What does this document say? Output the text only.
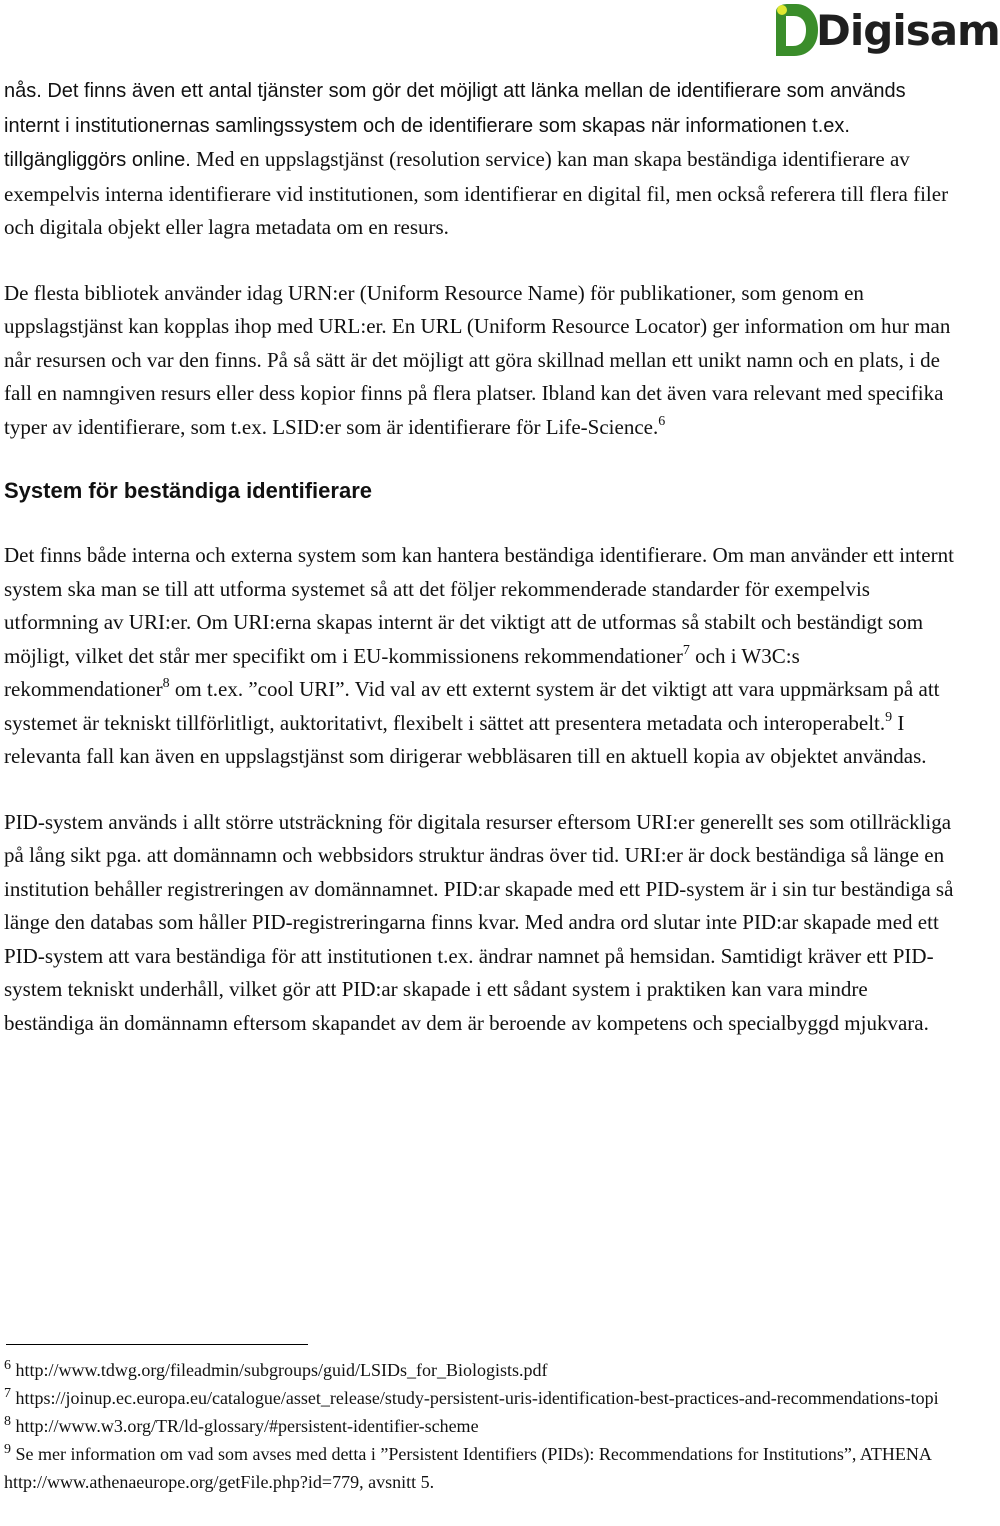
Digisam

nås. Det finns även ett antal tjänster som gör det möjligt att länka mellan de identifierare som används internt i institutionernas samlingssystem och de identifierare som skapas när informationen t.ex. tillgängliggörs online. Med en uppslagstjänst (resolution service) kan man skapa beständiga identifierare av exempelvis interna identifierare vid institutionen, som identifierar en digital fil, men också referera till flera filer och digitala objekt eller lagra metadata om en resurs.

De flesta bibliotek använder idag URN:er (Uniform Resource Name) för publikationer, som genom en uppslagstjänst kan kopplas ihop med URL:er. En URL (Uniform Resource Locator) ger information om hur man når resursen och var den finns. På så sätt är det möjligt att göra skillnad mellan ett unikt namn och en plats, i de fall en namngiven resurs eller dess kopior finns på flera platser. Ibland kan det även vara relevant med specifika typer av identifierare, som t.ex. LSID:er som är identifierare för Life-Science.$^6$

System för beständiga identifierare

Det finns både interna och externa system som kan hantera beständiga identifierare. Om man använder ett internt system ska man se till att utforma systemet så att det följer rekommenderade standarder för exempelvis utformning av URI:er. Om URI:erna skapas internt är det viktigt att de utformas så stabilt och beständigt som möjligt, vilket det står mer specifikt om i EU-kommissionens rekommendationer$^7$ och i W3C:s rekommendationer$^8$ om t.ex. ”cool URI”. Vid val av ett externt system är det viktigt att vara uppmärksam på att systemet är tekniskt tillförlitligt, auktoritativt, flexibelt i sättet att presentera metadata och interoperabelt.$^9$ I relevanta fall kan även en uppslagstjänst som dirigerar webbläsaren till en aktuell kopia av objektet användas.

PID-system används i allt större utsträckning för digitala resurser eftersom URI:er generellt ses som otillräckliga på lång sikt pga. att domännamn och webbsidors struktur ändras över tid. URI:er är dock beständiga så länge en institution behåller registreringen av domännamnet. PID:ar skapade med ett PID-system är i sin tur beständiga så länge den databas som håller PID-registreringarna finns kvar. Med andra ord slutar inte PID:ar skapade med ett PID-system att vara beständiga för att institutionen t.ex. ändrar namnet på hemsidan. Samtidigt kräver ett PID-system tekniskt underhåll, vilket gör att PID:ar skapade i ett sådant system i praktiken kan vara mindre beständiga än domännamn eftersom skapandet av dem är beroende av kompetens och specialbyggd mjukvara.

$^6$ http://www.tdwg.org/fileadmin/subgroups/guid/LSIDs_for_Biologists.pdf

$^7$ https://joinup.ec.europa.eu/catalogue/asset_release/study-persistent-uris-identification-best-practices-and-recommendations-topi

$^8$ http://www.w3.org/TR/ld-glossary/#persistent-identifier-scheme

$^9$ Se mer information om vad som avses med detta i ”Persistent Identifiers (PIDs): Recommendations for Institutions”, ATHENA http://www.athenaeurope.org/getFile.php?id=779, avsnitt 5.
